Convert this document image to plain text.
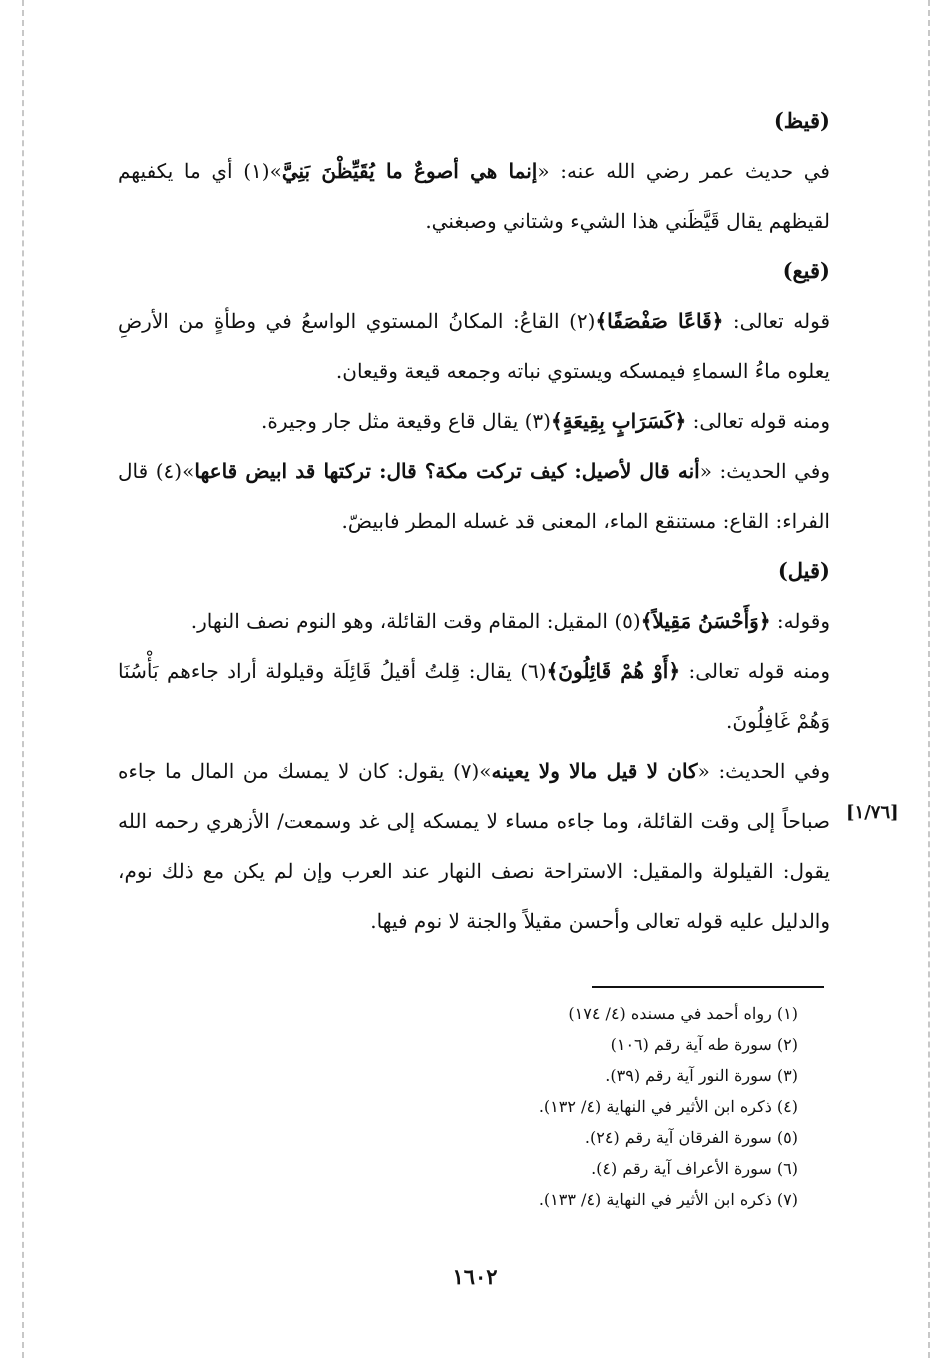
(قيظ)

في حديث عمر رضي الله عنه: «إنما هي أصوعٌ ما يُقَيِّظْنَ بَنِيَّ»(١) أي ما يكفيهم لقيظهم يقال قَيَّظَني هذا الشيء وشتاني وصبغني.

(قيع)

قوله تعالى: ﴿قَاعًا صَفْصَفًا﴾(٢) القاعُ: المكانُ المستوي الواسعُ في وطأةٍ من الأرضِ يعلوه ماءُ السماءِ فيمسكه ويستوي نباته وجمعه قيعة وقيعان.

ومنه قوله تعالى: ﴿كَسَرَابٍ بِقِيعَةٍ﴾(٣) يقال قاع وقيعة مثل جار وجيرة.

وفي الحديث: «أنه قال لأصيل: كيف تركت مكة؟ قال: تركتها قد ابيض قاعها»(٤) قال الفراء: القاع: مستنقع الماء، المعنى قد غسله المطر فابيضّ.

(قيل)

وقوله: ﴿وَأَحْسَنُ مَقِيلاً﴾(٥) المقيل: المقام وقت القائلة، وهو النوم نصف النهار.

ومنه قوله تعالى: ﴿أَوْ هُمْ قَائِلُونَ﴾(٦) يقال: قِلتُ أقيلُ قَائِلَة وقيلولة أراد جاءهم بَأْسُنَا وَهُمْ غَافِلُونَ.

وفي الحديث: «كان لا قيل مالا ولا يعينه»(٧) يقول: كان لا يمسك من المال ما جاءه صباحاً إلى وقت القائلة، وما جاءه مساء لا يمسكه إلى غد وسمعت/ الأزهري رحمه الله يقول: القيلولة والمقيل: الاستراحة نصف النهار عند العرب وإن لم يكن مع ذلك نوم، والدليل عليه قوله تعالى وأحسن مقيلاً والجنة لا نوم فيها.

[١/٧٦]

(١) رواه أحمد في مسنده (٤/ ١٧٤)

(٢) سورة طه آية رقم (١٠٦)

(٣) سورة النور آية رقم (٣٩).

(٤) ذكره ابن الأثير في النهاية (٤/ ١٣٢).

(٥) سورة الفرقان آية رقم (٢٤).

(٦) سورة الأعراف آية رقم (٤).

(٧) ذكره ابن الأثير في النهاية (٤/ ١٣٣).

١٦٠٢
